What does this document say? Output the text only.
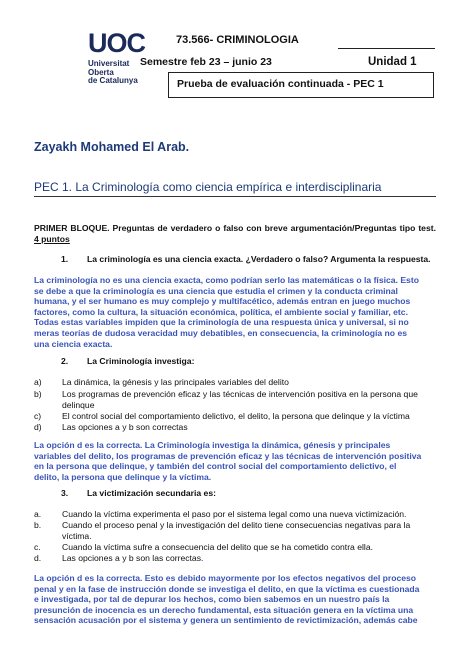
UOC
Universitat
Oberta
de Catalunya
73.566- CRIMINOLOGIA
Semestre feb 23 – junio 23	Unidad 1
Prueba de evaluación continuada - PEC 1
Zayakh Mohamed El Arab.
PEC 1. La Criminología como ciencia empírica e interdisciplinaria
PRIMER BLOQUE. Preguntas de verdadero o falso con breve argumentación/Preguntas tipo test. 4 puntos
1. La criminología es una ciencia exacta. ¿Verdadero o falso? Argumenta la respuesta.
La criminología no es una ciencia exacta, como podrían serlo las matemáticas o la física. Esto
se debe a que la criminología es una ciencia que estudia el crimen y la conducta criminal
humana, y el ser humano es muy complejo y multifacético, además entran en juego muchos
factores, como la cultura, la situación económica, política, el ambiente social y familiar, etc.
Todas estas variables impiden que la criminología de una respuesta única y universal, si no
meras teorías de dudosa veracidad muy debatibles, en consecuencia, la criminología no es
una ciencia exacta.
2. La Criminología investiga:
a) La dinámica, la génesis y las principales variables del delito
b) Los programas de prevención eficaz y las técnicas de intervención positiva en la persona que
delinque
c) El control social del comportamiento delictivo, el delito, la persona que delinque y la víctima
d) Las opciones a y b son correctas
La opción d es la correcta. La Criminología investiga la dinámica, génesis y principales
variables del delito, los programas de prevención eficaz y las técnicas de intervención positiva
en la persona que delinque, y también del control social del comportamiento delictivo, el
delito, la persona que delinque y la víctima.
3. La victimización secundaria es:
a. Cuando la víctima experimenta el paso por el sistema legal como una nueva victimización.
b. Cuando el proceso penal y la investigación del delito tiene consecuencias negativas para la
víctima.
c. Cuando la víctima sufre a consecuencia del delito que se ha cometido contra ella.
d. Las opciones a y b son las correctas.
La opción d es la correcta. Esto es debido mayormente por los efectos negativos del proceso
penal y en la fase de instrucción donde se investiga el delito, en que la víctima es cuestionada
e investigada, por tal de depurar los hechos, como bien sabemos en un nuestro país la
presunción de inocencia es un derecho fundamental, esta situación genera en la víctima una
sensación acusación por el sistema y genera un sentimiento de revictimización, además cabe
